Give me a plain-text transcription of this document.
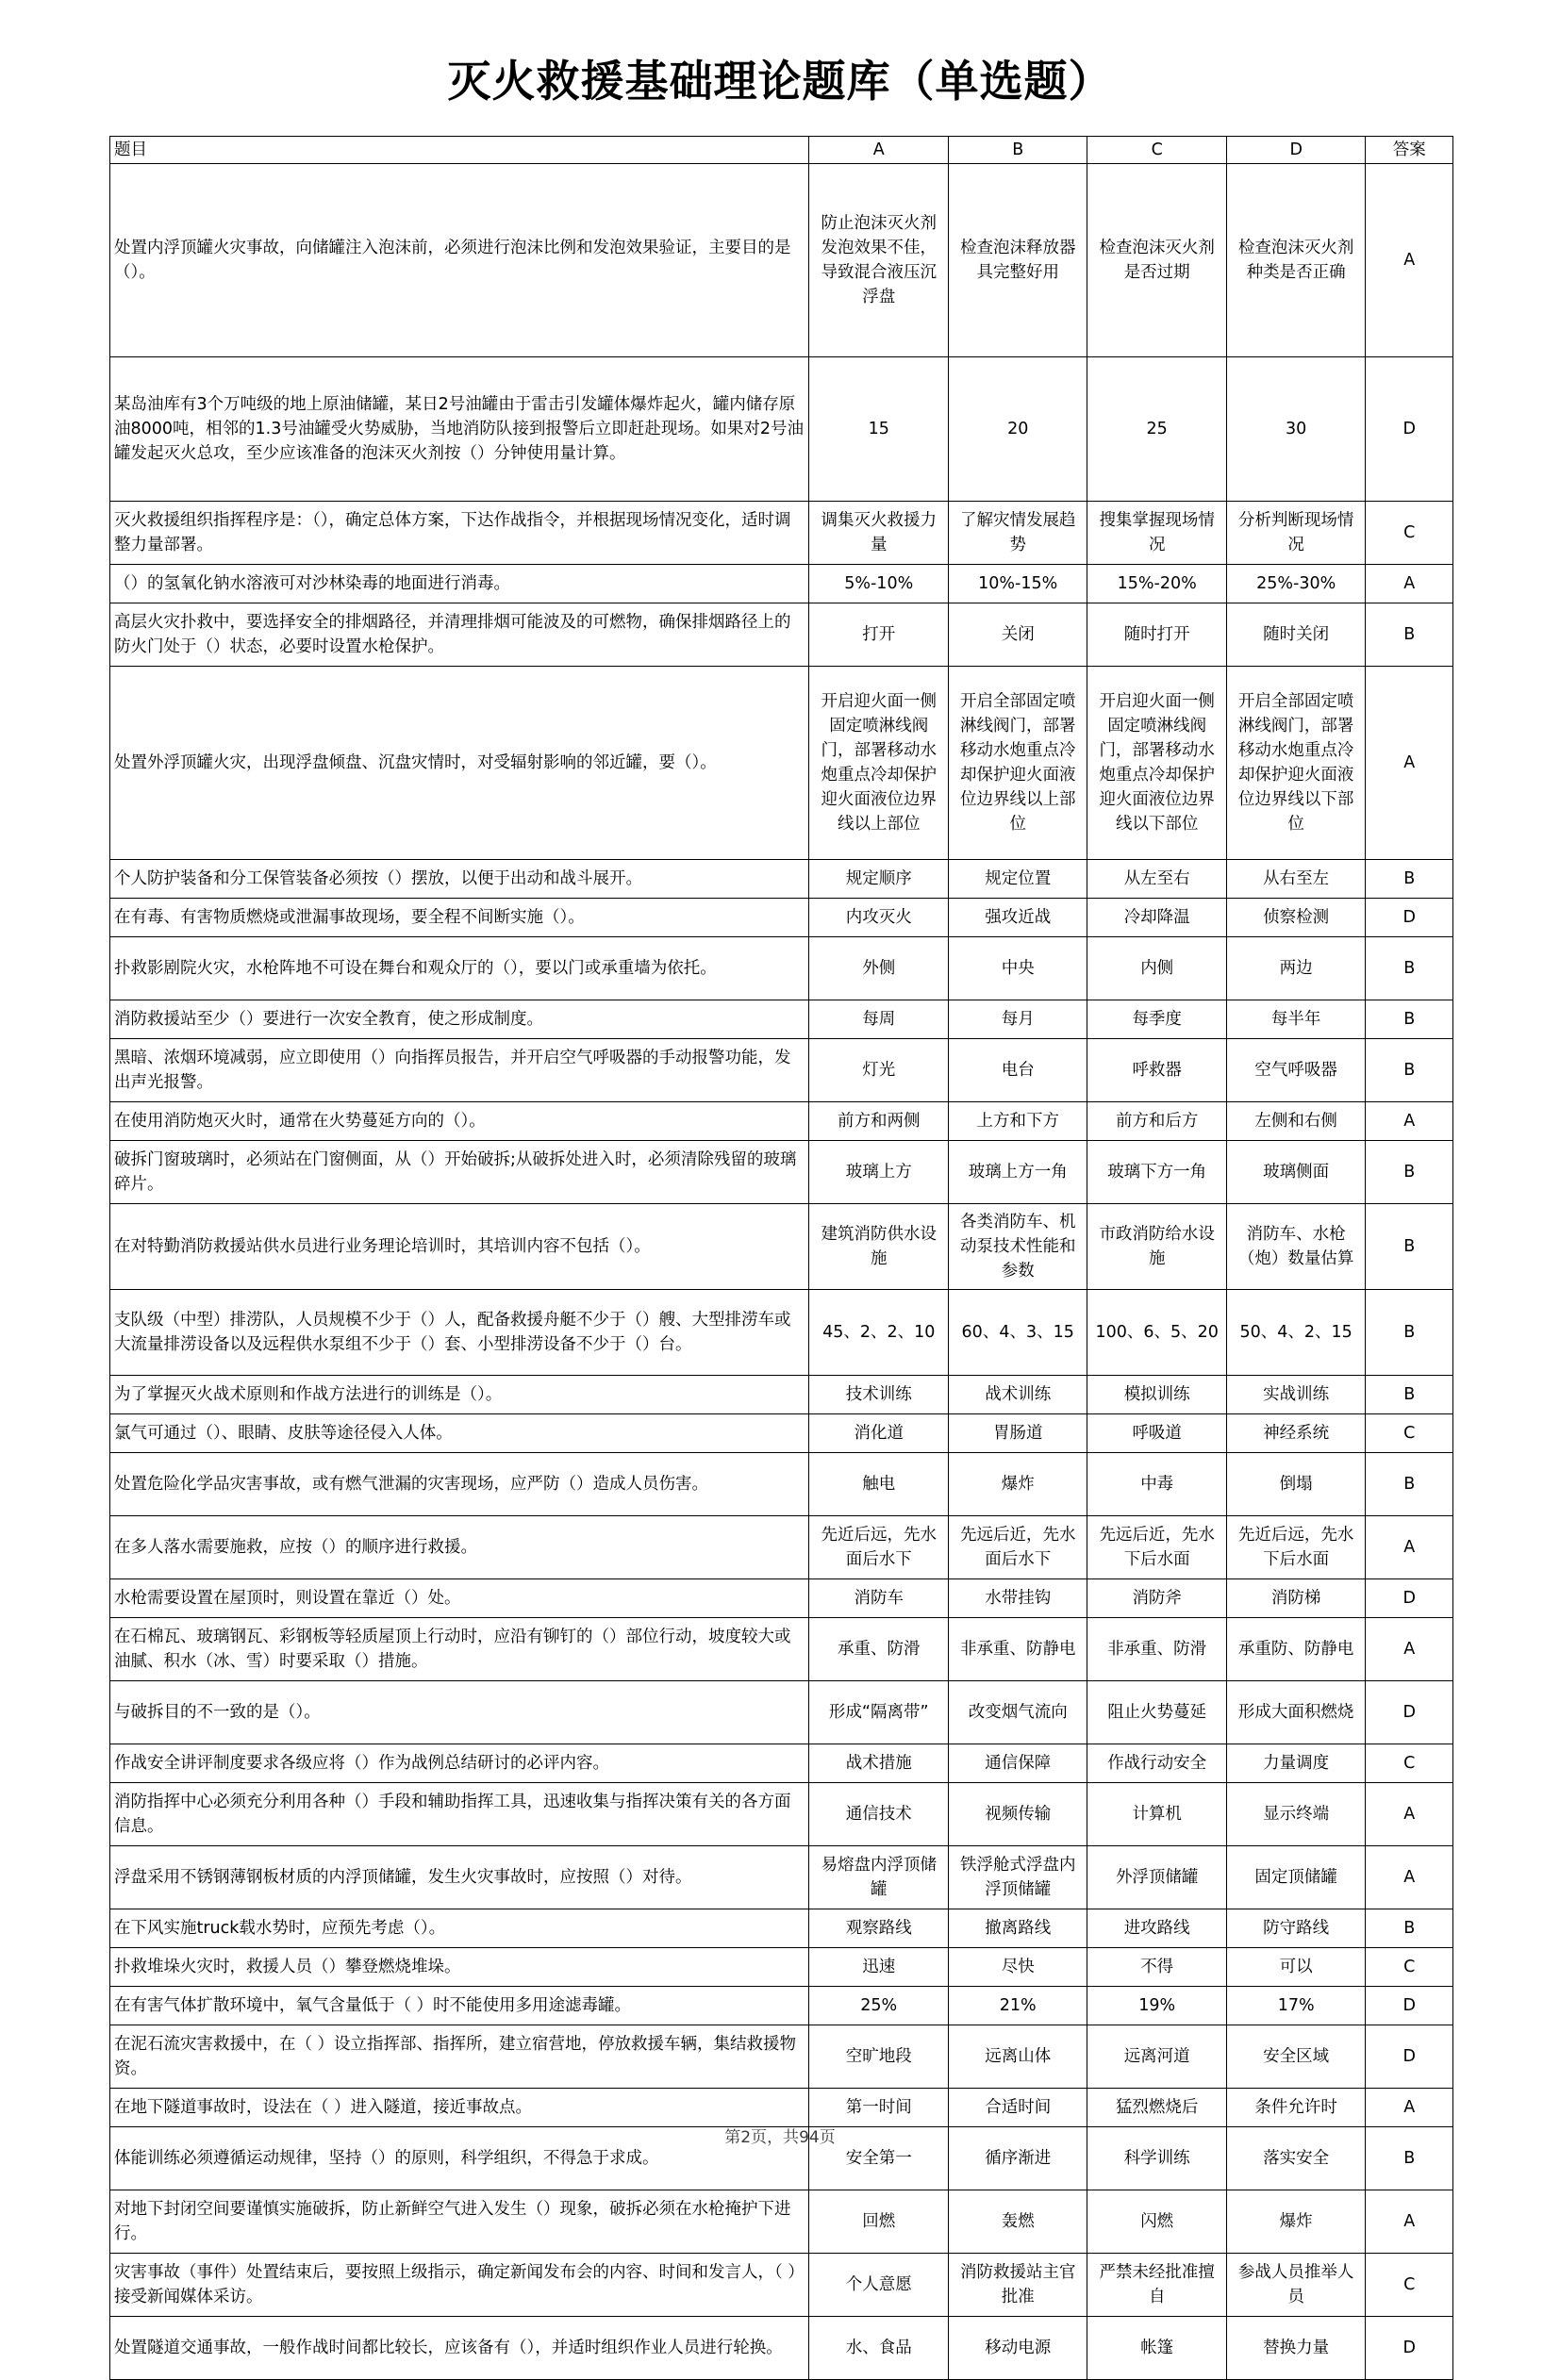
灭火救援基础理论题库（单选题）
题目	A	B	C	D	答案
处置内浮顶罐火灾事故，向储罐注入泡沫前，必须进行泡沫比例和发泡效果验证，主要目的是（）。	防止泡沫灭火剂发泡效果不佳，导致混合液压沉浮盘	检查泡沫释放器具完整好用	检查泡沫灭火剂是否过期	检查泡沫灭火剂种类是否正确	A
某岛油库有3个万吨级的地上原油储罐，某日2号油罐由于雷击引发罐体爆炸起火，罐内储存原油8000吨，相邻的1.3号油罐受火势威胁，当地消防队接到报警后立即赶赴现场。如果对2号油罐发起灭火总攻，至少应该准备的泡沫灭火剂按（）分钟使用量计算。	15	20	25	30	D
灭火救援组织指挥程序是：（），确定总体方案，下达作战指令，并根据现场情况变化，适时调整力量部署。	调集灭火救援力量	了解灾情发展趋势	搜集掌握现场情况	分析判断现场情况	C
（）的氢氧化钠水溶液可对沙林染毒的地面进行消毒。	5%-10%	10%-15%	15%-20%	25%-30%	A
高层火灾扑救中，要选择安全的排烟路径，并清理排烟可能波及的可燃物，确保排烟路径上的防火门处于（）状态，必要时设置水枪保护。	打开	关闭	随时打开	随时关闭	B
处置外浮顶罐火灾，出现浮盘倾盘、沉盘灾情时，对受辐射影响的邻近罐，要（）。	开启迎火面一侧固定喷淋线阀门，部署移动水炮重点冷却保护迎火面液位边界线以上部位	开启全部固定喷淋线阀门，部署移动水炮重点冷却保护迎火面液位边界线以上部位	开启迎火面一侧固定喷淋线阀门，部署移动水炮重点冷却保护迎火面液位边界线以下部位	开启全部固定喷淋线阀门，部署移动水炮重点冷却保护迎火面液位边界线以下部位	A
个人防护装备和分工保管装备必须按（）摆放，以便于出动和战斗展开。	规定顺序	规定位置	从左至右	从右至左	B
在有毒、有害物质燃烧或泄漏事故现场，要全程不间断实施（）。	内攻灭火	强攻近战	冷却降温	侦察检测	D
扑救影剧院火灾，水枪阵地不可设在舞台和观众厅的（），要以门或承重墙为依托。	外侧	中央	内侧	两边	B
消防救援站至少（）要进行一次安全教育，使之形成制度。	每周	每月	每季度	每半年	B
黑暗、浓烟环境减弱，应立即使用（）向指挥员报告，并开启空气呼吸器的手动报警功能，发出声光报警。	灯光	电台	呼救器	空气呼吸器	B
在使用消防炮灭火时，通常在火势蔓延方向的（）。	前方和两侧	上方和下方	前方和后方	左侧和右侧	A
破拆门窗玻璃时，必须站在门窗侧面，从（）开始破拆;从破拆处进入时，必须清除残留的玻璃碎片。	玻璃上方	玻璃上方一角	玻璃下方一角	玻璃侧面	B
在对特勤消防救援站供水员进行业务理论培训时，其培训内容不包括（）。	建筑消防供水设施	各类消防车、机动泵技术性能和参数	市政消防给水设施	消防车、水枪（炮）数量估算	B
支队级（中型）排涝队，人员规模不少于（）人，配备救援舟艇不少于（）艘、大型排涝车或大流量排涝设备以及远程供水泵组不少于（）套、小型排涝设备不少于（）台。	45、2、2、10	60、4、3、15	100、6、5、20	50、4、2、15	B
为了掌握灭火战术原则和作战方法进行的训练是（）。	技术训练	战术训练	模拟训练	实战训练	B
氯气可通过（）、眼睛、皮肤等途径侵入人体。	消化道	胃肠道	呼吸道	神经系统	C
处置危险化学品灾害事故，或有燃气泄漏的灾害现场，应严防（）造成人员伤害。	触电	爆炸	中毒	倒塌	B
在多人落水需要施救，应按（）的顺序进行救援。	先近后远，先水面后水下	先远后近，先水面后水下	先远后近，先水下后水面	先近后远，先水下后水面	A
水枪需要设置在屋顶时，则设置在靠近（）处。	消防车	水带挂钩	消防斧	消防梯	D
在石棉瓦、玻璃钢瓦、彩钢板等轻质屋顶上行动时，应沿有铆钉的（）部位行动，坡度较大或油腻、积水（冰、雪）时要采取（）措施。	承重、防滑	非承重、防静电	非承重、防滑	承重防、防静电	A
与破拆目的不一致的是（）。	形成“隔离带”	改变烟气流向	阻止火势蔓延	形成大面积燃烧	D
作战安全讲评制度要求各级应将（）作为战例总结研讨的必评内容。	战术措施	通信保障	作战行动安全	力量调度	C
消防指挥中心必须充分利用各种（）手段和辅助指挥工具，迅速收集与指挥决策有关的各方面信息。	通信技术	视频传输	计算机	显示终端	A
浮盘采用不锈钢薄钢板材质的内浮顶储罐，发生火灾事故时，应按照（）对待。	易熔盘内浮顶储罐	铁浮舱式浮盘内浮顶储罐	外浮顶储罐	固定顶储罐	A
在下风实施truck载水势时，应预先考虑（）。	观察路线	撤离路线	进攻路线	防守路线	B
扑救堆垛火灾时，救援人员（）攀登燃烧堆垛。	迅速	尽快	不得	可以	C
在有害气体扩散环境中，氧气含量低于（ ）时不能使用多用途滤毒罐。	25%	21%	19%	17%	D
在泥石流灾害救援中，在（ ）设立指挥部、指挥所，建立宿营地，停放救援车辆，集结救援物资。	空旷地段	远离山体	远离河道	安全区域	D
在地下隧道事故时，设法在（ ）进入隧道，接近事故点。	第一时间	合适时间	猛烈燃烧后	条件允许时	A
体能训练必须遵循运动规律，坚持（）的原则，科学组织，不得急于求成。	安全第一	循序渐进	科学训练	落实安全	B
对地下封闭空间要谨慎实施破拆，防止新鲜空气进入发生（）现象，破拆必须在水枪掩护下进行。	回燃	轰燃	闪燃	爆炸	A
灾害事故（事件）处置结束后，要按照上级指示，确定新闻发布会的内容、时间和发言人，（ ）接受新闻媒体采访。	个人意愿	消防救援站主官批准	严禁未经批准擅自	参战人员推举人员	C
处置隧道交通事故，一般作战时间都比较长，应该备有（），并适时组织作业人员进行轮换。	水、食品	移动电源	帐篷	替换力量	D
第2页，共94页
